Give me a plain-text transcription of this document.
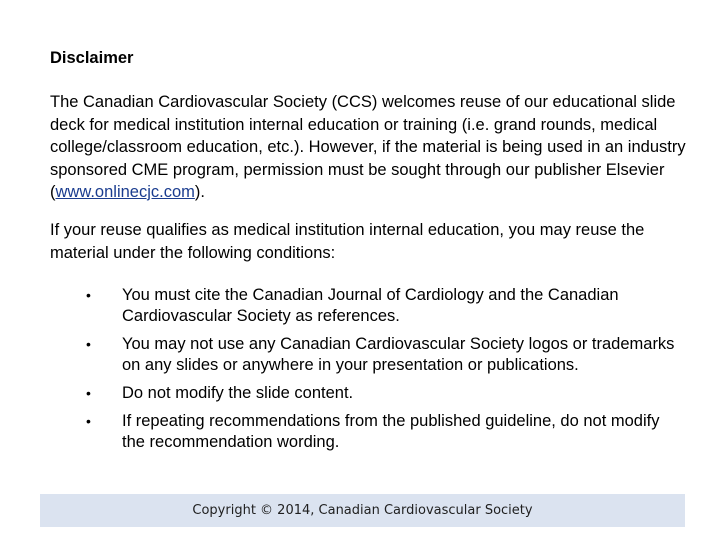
Disclaimer

The Canadian Cardiovascular Society (CCS) welcomes reuse of our educational slide deck for medical institution internal education or training (i.e. grand rounds, medical college/classroom education, etc.). However, if the material is being used in an industry sponsored CME program, permission must be sought through our publisher Elsevier (www.onlinecjc.com).

If your reuse qualifies as medical institution internal education, you may reuse the material under the following conditions:

• You must cite the Canadian Journal of Cardiology and the Canadian Cardiovascular Society as references.
• You may not use any Canadian Cardiovascular Society logos or trademarks on any slides or anywhere in your presentation or publications.
• Do not modify the slide content.
• If repeating recommendations from the published guideline, do not modify the recommendation wording.
Copyright © 2014, Canadian Cardiovascular Society
